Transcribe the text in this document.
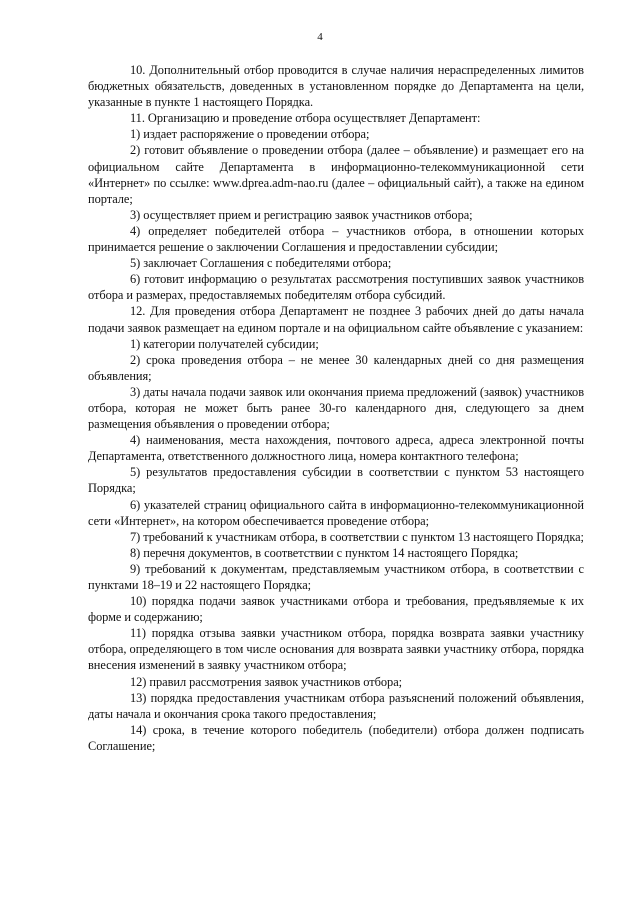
4

10. Дополнительный отбор проводится в случае наличия нераспределенных лимитов бюджетных обязательств, доведенных в установленном порядке до Департамента на цели, указанные в пункте 1 настоящего Порядка.

11. Организацию и проведение отбора осуществляет Департамент:

1) издает распоряжение о проведении отбора;

2) готовит объявление о проведении отбора (далее – объявление) и размещает его на официальном сайте Департамента в информационно-телекоммуникационной сети «Интернет» по ссылке: www.dprea.adm-nao.ru (далее – официальный сайт), а также на едином портале;

3) осуществляет прием и регистрацию заявок участников отбора;

4) определяет победителей отбора – участников отбора, в отношении которых принимается решение о заключении Соглашения и предоставлении субсидии;

5) заключает Соглашения с победителями отбора;

6) готовит информацию о результатах рассмотрения поступивших заявок участников отбора и размерах, предоставляемых победителям отбора субсидий.

12. Для проведения отбора Департамент не позднее 3 рабочих дней до даты начала подачи заявок размещает на едином портале и на официальном сайте объявление с указанием:

1) категории получателей субсидии;

2) срока проведения отбора – не менее 30 календарных дней со дня размещения объявления;

3) даты начала подачи заявок или окончания приема предложений (заявок) участников отбора, которая не может быть ранее 30-го календарного дня, следующего за днем размещения объявления о проведении отбора;

4) наименования, места нахождения, почтового адреса, адреса электронной почты Департамента, ответственного должностного лица, номера контактного телефона;

5) результатов предоставления субсидии в соответствии с пунктом 53 настоящего Порядка;

6) указателей страниц официального сайта в информационно-телекоммуникационной сети «Интернет», на котором обеспечивается проведение отбора;

7) требований к участникам отбора, в соответствии с пунктом 13 настоящего Порядка;

8) перечня документов, в соответствии с пунктом 14 настоящего Порядка;

9) требований к документам, представляемым участником отбора, в соответствии с пунктами 18–19 и 22 настоящего Порядка;

10) порядка подачи заявок участниками отбора и требования, предъявляемые к их форме и содержанию;

11) порядка отзыва заявки участником отбора, порядка возврата заявки участнику отбора, определяющего в том числе основания для возврата заявки участнику отбора, порядка внесения изменений в заявку участником отбора;

12) правил рассмотрения заявок участников отбора;

13) порядка предоставления участникам отбора разъяснений положений объявления, даты начала и окончания срока такого предоставления;

14) срока, в течение которого победитель (победители) отбора должен подписать Соглашение;
